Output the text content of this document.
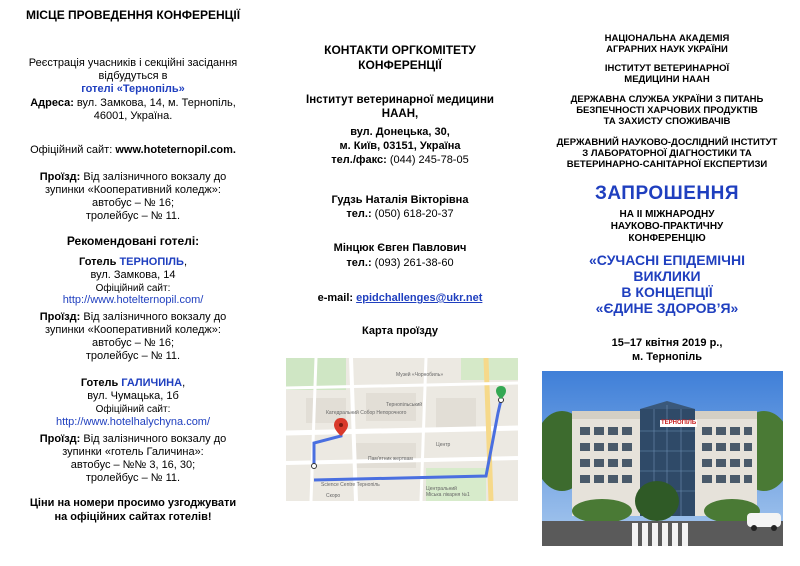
МІСЦЕ ПРОВЕДЕННЯ КОНФЕРЕНЦІЇ
Реєстрація учасників і секційні засідання
відбудуться в
готелі «Тернопіль»
Адреса: вул. Замкова, 14, м. Тернопіль,
46001, Україна.
Офіційний сайт: www.hoteternopil.com.
Проїзд: Від залізничного вокзалу до
зупинки «Кооперативний коледж»:
автобус – № 16;
тролейбус – № 11.
Рекомендовані готелі:
Готель ТЕРНОПІЛЬ,
вул. Замкова, 14
Офіційний сайт:
http://www.hotelternopil.com/
Проїзд: Від залізничного вокзалу до
зупинки «Кооперативний коледж»:
автобус – № 16;
тролейбус – № 11.
Готель ГАЛИЧИНА,
вул. Чумацька, 1б
Офіційний сайт:
http://www.hotelhalychyna.com/
Проїзд: Від залізничного вокзалу до
зупинки «готель Галичина»:
автобус – №№ 3, 16, 30;
тролейбус – № 11.
Ціни на номери просимо узгоджувати
на офіційних сайтах готелів!
КОНТАКТИ ОРГКОМІТЕТУ
КОНФЕРЕНЦІЇ
Інститут ветеринарної медицини
НААН,
вул. Донецька, 30,
м. Київ, 03151, Україна
тел./факс: (044) 245-78-05
Гудзь Наталія Вікторівна
тел.: (050) 618-20-37
Мінцюк Євген Павлович
тел.: (093) 261-38-60
e-mail: epidchallenges@ukr.net
Карта проїзду
Музей «Чорнобиль»
Катедральний Собор Непорочного
Пам'ятник жертвам
Тернопільський
Центральний
Міська лікарня №1
Science Centre Тернопіль
Центр
Скоро
НАЦІОНАЛЬНА АКАДЕМІЯ
АГРАРНИХ НАУК УКРАЇНИ
ІНСТИТУТ ВЕТЕРИНАРНОЇ
МЕДИЦИНИ НААН
ДЕРЖАВНА СЛУЖБА УКРАЇНИ З ПИТАНЬ
БЕЗПЕЧНОСТІ ХАРЧОВИХ ПРОДУКТІВ
ТА ЗАХИСТУ СПОЖИВАЧІВ
ДЕРЖАВНИЙ НАУКОВО-ДОСЛІДНИЙ ІНСТИТУТ
З ЛАБОРАТОРНОЇ ДІАГНОСТИКИ ТА
ВЕТЕРИНАРНО-САНІТАРНОЇ ЕКСПЕРТИЗИ
ЗАПРОШЕННЯ
НА ІІ МІЖНАРОДНУ
НАУКОВО-ПРАКТИЧНУ
КОНФЕРЕНЦІЮ
«СУЧАСНІ ЕПІДЕМІЧНІ
ВИКЛИКИ
В КОНЦЕПЦІЇ
«ЄДИНЕ ЗДОРОВ’Я»
15–17 квітня 2019 р.,
м. Тернопіль
ТЕРНОПІЛЬ
